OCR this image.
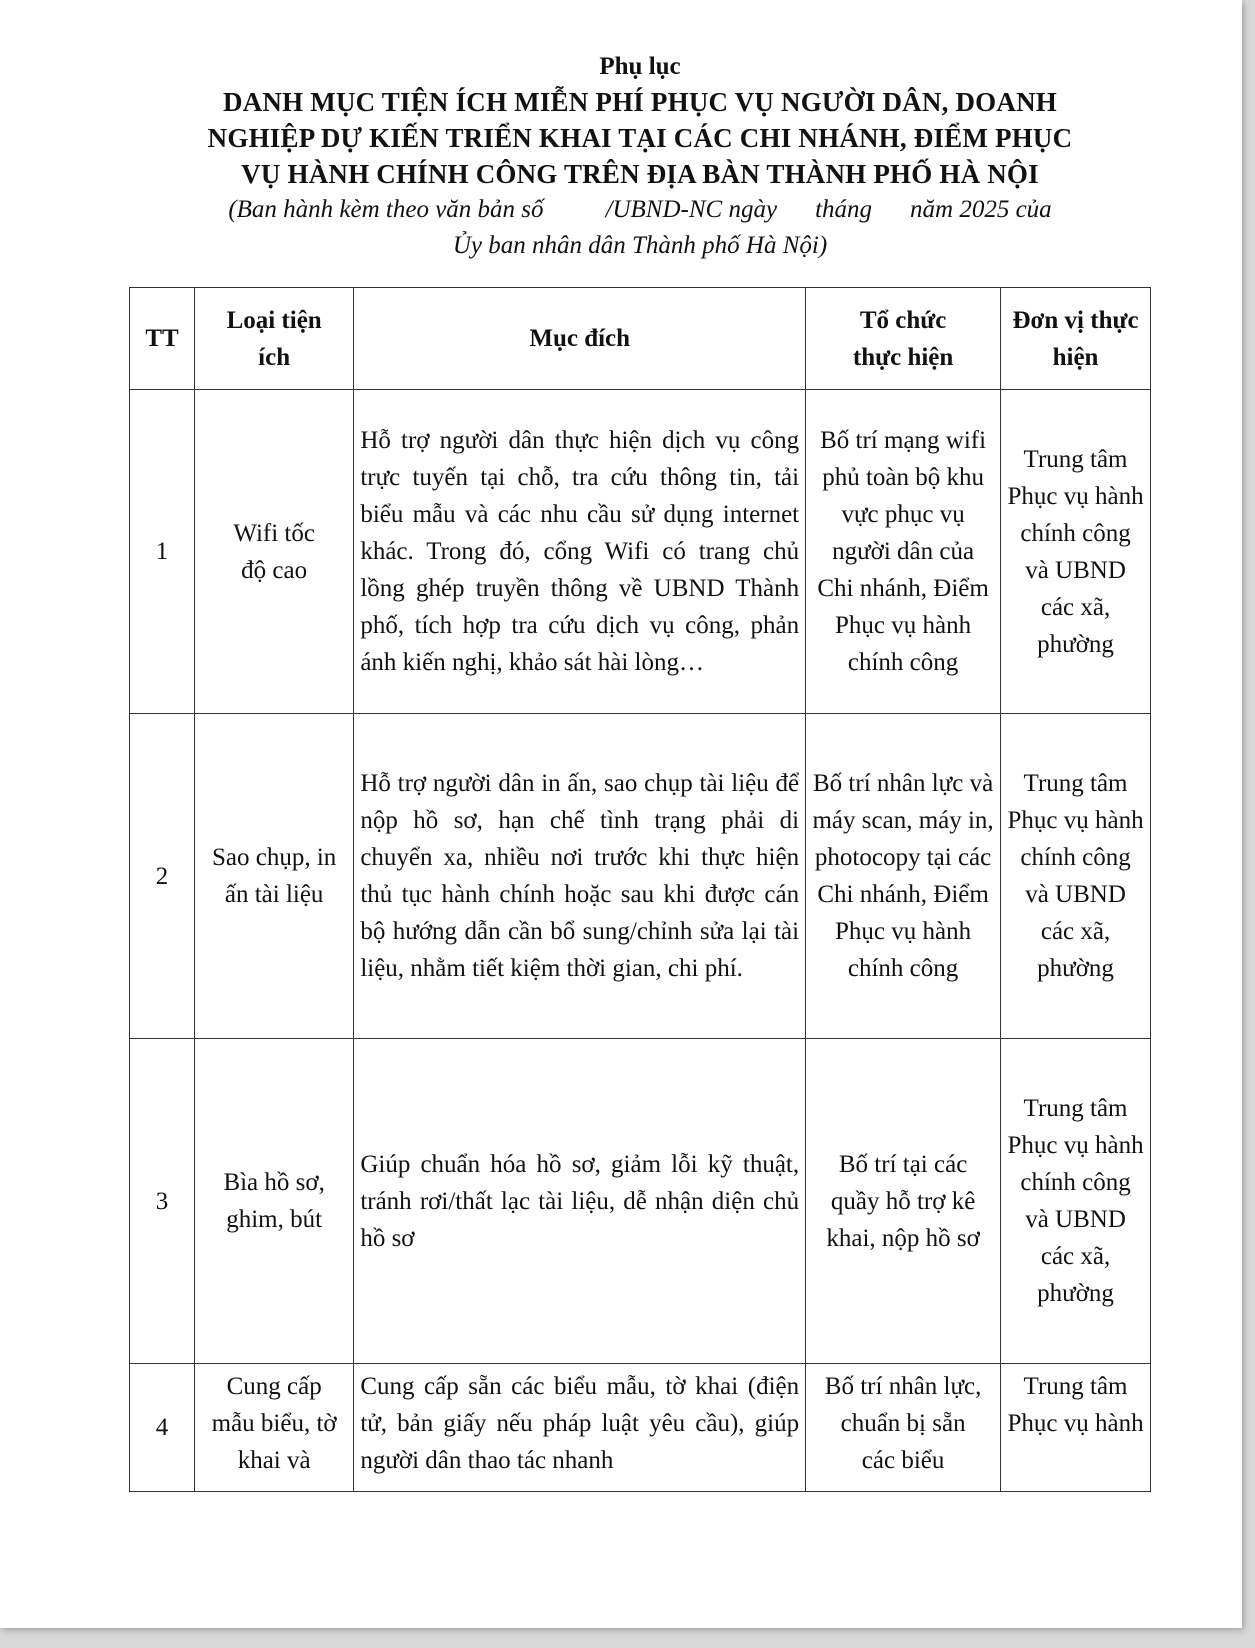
Phụ lục
DANH MỤC TIỆN ÍCH MIỄN PHÍ PHỤC VỤ NGƯỜI DÂN, DOANH
NGHIỆP DỰ KIẾN TRIỂN KHAI TẠI CÁC CHI NHÁNH, ĐIỂM PHỤC
VỤ HÀNH CHÍNH CÔNG TRÊN ĐỊA BÀN THÀNH PHỐ HÀ NỘI
(Ban hành kèm theo văn bản số /UBND-NC ngày tháng năm 2025 của
Ủy ban nhân dân Thành phố Hà Nội)
TT	Loại tiện ích	Mục đích	Tổ chức thực hiện	Đơn vị thực hiện
1	Wifi tốc độ cao	Hỗ trợ người dân thực hiện dịch vụ công trực tuyến tại chỗ, tra cứu thông tin, tải biểu mẫu và các nhu cầu sử dụng internet khác. Trong đó, cổng Wifi có trang chủ lồng ghép truyền thông về UBND Thành phố, tích hợp tra cứu dịch vụ công, phản ánh kiến nghị, khảo sát hài lòng…	Bố trí mạng wifi phủ toàn bộ khu vực phục vụ người dân của Chi nhánh, Điểm Phục vụ hành chính công	Trung tâm Phục vụ hành chính công và UBND các xã, phường
2	Sao chụp, in ấn tài liệu	Hỗ trợ người dân in ấn, sao chụp tài liệu để nộp hồ sơ, hạn chế tình trạng phải di chuyển xa, nhiều nơi trước khi thực hiện thủ tục hành chính hoặc sau khi được cán bộ hướng dẫn cần bổ sung/chỉnh sửa lại tài liệu, nhằm tiết kiệm thời gian, chi phí.	Bố trí nhân lực và máy scan, máy in, photocopy tại các Chi nhánh, Điểm Phục vụ hành chính công	Trung tâm Phục vụ hành chính công và UBND các xã, phường
3	Bìa hồ sơ, ghim, bút	Giúp chuẩn hóa hồ sơ, giảm lỗi kỹ thuật, tránh rơi/thất lạc tài liệu, dễ nhận diện chủ hồ sơ	Bố trí tại các quầy hỗ trợ kê khai, nộp hồ sơ	Trung tâm Phục vụ hành chính công và UBND các xã, phường
4	Cung cấp mẫu biểu, tờ khai và	Cung cấp sẵn các biểu mẫu, tờ khai (điện tử, bản giấy nếu pháp luật yêu cầu), giúp người dân thao tác nhanh	Bố trí nhân lực, chuẩn bị sẵn các biểu	Trung tâm Phục vụ hành
